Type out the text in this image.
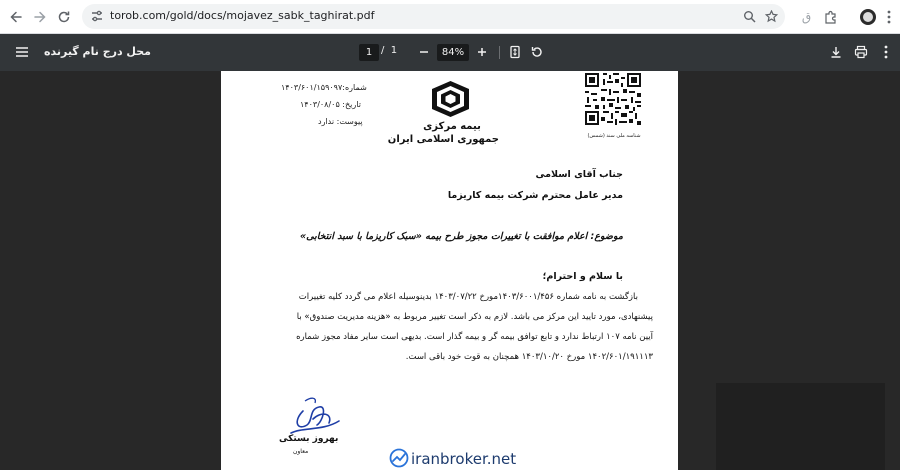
torob.com/gold/docs/mojavez_sabk_taghirat.pdf	ق
محل درج نام گیرنده	1 / 1	84%
شماره:۱۴۰۳/۶۰۱/۱۵۹۰۹۷
تاریخ: ۱۴۰۳/۰۸/۰۵
پیوست: ندارد	بیمه مرکزی
جمهوری اسلامی ایران	شناسه ملی سند (شمس)
جناب آقای اسلامی
مدیر عامل محترم شرکت بیمه کاریزما
موضوع: اعلام موافقت با تغییرات مجوز طرح بیمه «سبک کاریزما با سبد انتخابی»
با سلام و احترام؛
بازگشت به نامه شماره ۱۴۰۳/۶۰۰۱/۴۵۶مورخ ۱۴۰۳/۰۷/۲۲ بدینوسیله اعلام می گردد کلیه تغییرات
پیشنهادی، مورد تایید این مرکز می باشد. لازم به ذکر است تغییر مربوط به «هزینه مدیریت صندوق» با
آیین نامه ۱۰۷ ارتباط ندارد و تابع توافق بیمه گر و بیمه گذار است. بدیهی است سایر مفاد مجوز شماره
۱۴۰۲/۶۰۱/۱۹۱۱۱۳ مورخ ۱۴۰۳/۱۰/۲۰ همچنان به قوت خود باقی است.
بهروز بستکی
معاون	iranbroker.net
